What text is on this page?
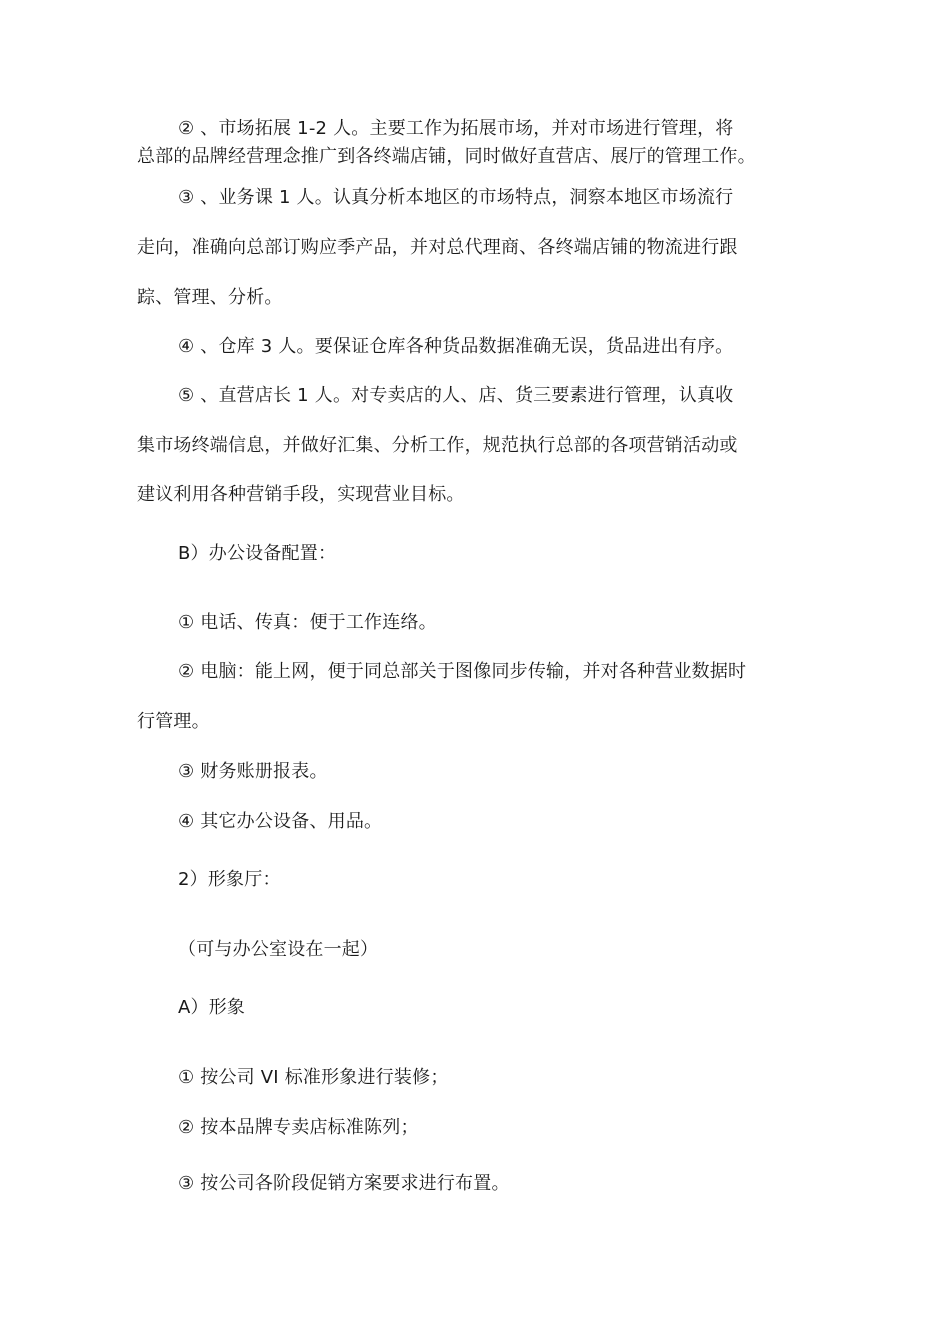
② 、市场拓展 1-2 人。主要工作为拓展市场，并对市场进行管理，将
总部的品牌经营理念推广到各终端店铺，同时做好直营店、展厅的管理工作。
③ 、业务课 1 人。认真分析本地区的市场特点，洞察本地区市场流行
走向，准确向总部订购应季产品，并对总代理商、各终端店铺的物流进行跟
踪、管理、分析。
④ 、仓库 3 人。要保证仓库各种货品数据准确无误，货品进出有序。
⑤ 、直营店长 1 人。对专卖店的人、店、货三要素进行管理，认真收
集市场终端信息，并做好汇集、分析工作，规范执行总部的各项营销活动或
建议利用各种营销手段，实现营业目标。
B）办公设备配置：
① 电话、传真：便于工作连络。
② 电脑：能上网，便于同总部关于图像同步传输，并对各种营业数据时
行管理。
③ 财务账册报表。
④ 其它办公设备、用品。
2）形象厅：
（可与办公室设在一起）
A）形象
① 按公司 VI 标准形象进行装修；
② 按本品牌专卖店标准陈列；
③ 按公司各阶段促销方案要求进行布置。
